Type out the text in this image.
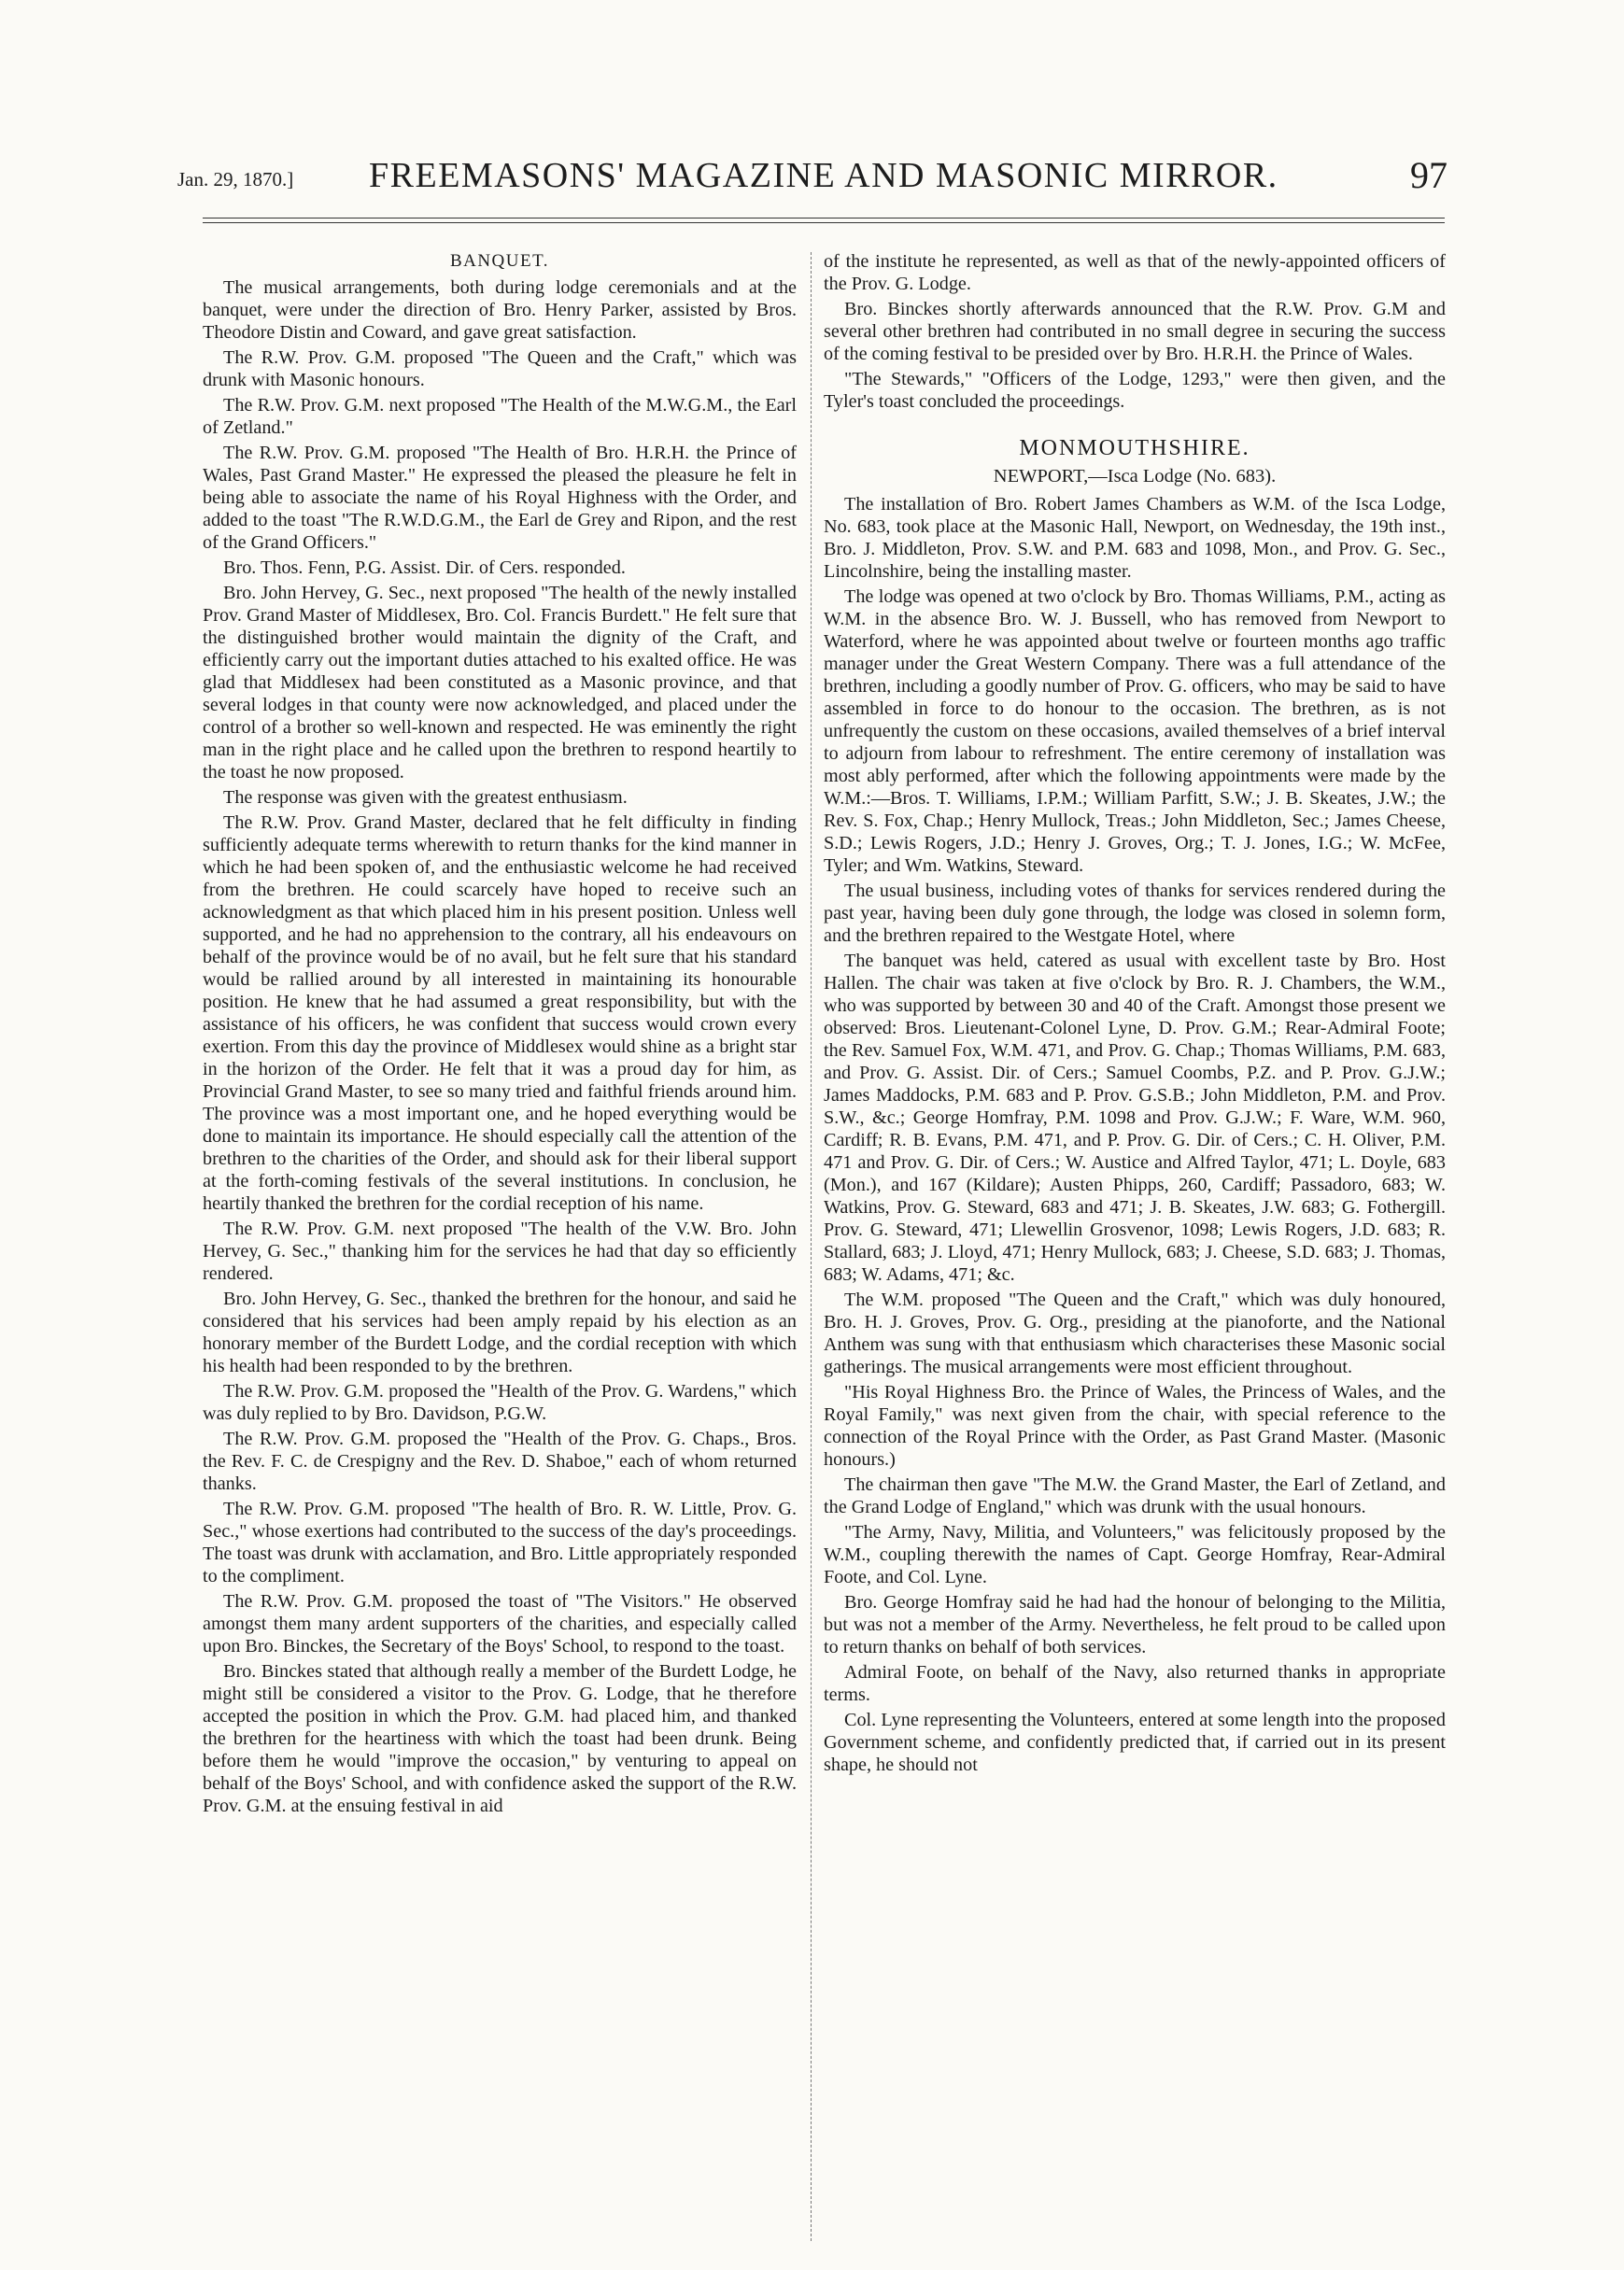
Jan. 29, 1870.] FREEMASONS' MAGAZINE AND MASONIC MIRROR.	97
BANQUET.

The musical arrangements, both during lodge ceremonials and at the banquet, were under the direction of Bro. Henry Parker, assisted by Bros. Theodore Distin and Coward, and gave great satisfaction.

The R.W. Prov. G.M. proposed "The Queen and the Craft," which was drunk with Masonic honours.

The R.W. Prov. G.M. next proposed "The Health of the M.W.G.M., the Earl of Zetland."

The R.W. Prov. G.M. proposed "The Health of Bro. H.R.H. the Prince of Wales, Past Grand Master." He expressed the pleased the pleasure he felt in being able to associate the name of his Royal Highness with the Order, and added to the toast "The R.W.D.G.M., the Earl de Grey and Ripon, and the rest of the Grand Officers."

Bro. Thos. Fenn, P.G. Assist. Dir. of Cers. responded.

Bro. John Hervey, G. Sec., next proposed "The health of the newly installed Prov. Grand Master of Middlesex, Bro. Col. Francis Burdett." He felt sure that the distinguished brother would maintain the dignity of the Craft, and efficiently carry out the important duties attached to his exalted office. He was glad that Middlesex had been constituted as a Masonic province, and that several lodges in that county were now acknowledged, and placed under the control of a brother so well-known and respected. He was eminently the right man in the right place and he called upon the brethren to respond heartily to the toast he now proposed.

The response was given with the greatest enthusiasm.

The R.W. Prov. Grand Master, declared that he felt difficulty in finding sufficiently adequate terms wherewith to return thanks for the kind manner in which he had been spoken of, and the enthusiastic welcome he had received from the brethren. He could scarcely have hoped to receive such an acknowledgment as that which placed him in his present position. Unless well supported, and he had no apprehension to the contrary, all his endeavours on behalf of the province would be of no avail, but he felt sure that his standard would be rallied around by all interested in maintaining its honourable position. He knew that he had assumed a great responsibility, but with the assistance of his officers, he was confident that success would crown every exertion. From this day the province of Middlesex would shine as a bright star in the horizon of the Order. He felt that it was a proud day for him, as Provincial Grand Master, to see so many tried and faithful friends around him. The province was a most important one, and he hoped everything would be done to maintain its importance. He should especially call the attention of the brethren to the charities of the Order, and should ask for their liberal support at the forth-coming festivals of the several institutions. In conclusion, he heartily thanked the brethren for the cordial reception of his name.

The R.W. Prov. G.M. next proposed "The health of the V.W. Bro. John Hervey, G. Sec.," thanking him for the services he had that day so efficiently rendered.

Bro. John Hervey, G. Sec., thanked the brethren for the honour, and said he considered that his services had been amply repaid by his election as an honorary member of the Burdett Lodge, and the cordial reception with which his health had been responded to by the brethren.

The R.W. Prov. G.M. proposed the "Health of the Prov. G. Wardens," which was duly replied to by Bro. Davidson, P.G.W.

The R.W. Prov. G.M. proposed the "Health of the Prov. G. Chaps., Bros. the Rev. F. C. de Crespigny and the Rev. D. Shaboe," each of whom returned thanks.

The R.W. Prov. G.M. proposed "The health of Bro. R. W. Little, Prov. G. Sec.," whose exertions had contributed to the success of the day's proceedings. The toast was drunk with acclamation, and Bro. Little appropriately responded to the compliment.

The R.W. Prov. G.M. proposed the toast of "The Visitors." He observed amongst them many ardent supporters of the charities, and especially called upon Bro. Binckes, the Secretary of the Boys' School, to respond to the toast.

Bro. Binckes stated that although really a member of the Burdett Lodge, he might still be considered a visitor to the Prov. G. Lodge, that he therefore accepted the position in which the Prov. G.M. had placed him, and thanked the brethren for the heartiness with which the toast had been drunk. Being before them he would "improve the occasion," by venturing to appeal on behalf of the Boys' School, and with confidence asked the support of the R.W. Prov. G.M. at the ensuing festival in aid

of the institute he represented, as well as that of the newly-appointed officers of the Prov. G. Lodge.

Bro. Binckes shortly afterwards announced that the R.W. Prov. G.M and several other brethren had contributed in no small degree in securing the success of the coming festival to be presided over by Bro. H.R.H. the Prince of Wales.

"The Stewards," "Officers of the Lodge, 1293," were then given, and the Tyler's toast concluded the proceedings.

MONMOUTHSHIRE.
NEWPORT,—Isca Lodge (No. 683).

The installation of Bro. Robert James Chambers as W.M. of the Isca Lodge, No. 683, took place at the Masonic Hall, Newport, on Wednesday, the 19th inst., Bro. J. Middleton, Prov. S.W. and P.M. 683 and 1098, Mon., and Prov. G. Sec., Lincolnshire, being the installing master.

The lodge was opened at two o'clock by Bro. Thomas Williams, P.M., acting as W.M. in the absence Bro. W. J. Bussell, who has removed from Newport to Waterford, where he was appointed about twelve or fourteen months ago traffic manager under the Great Western Company. There was a full attendance of the brethren, including a goodly number of Prov. G. officers, who may be said to have assembled in force to do honour to the occasion. The brethren, as is not unfrequently the custom on these occasions, availed themselves of a brief interval to adjourn from labour to refreshment. The entire ceremony of installation was most ably performed, after which the following appointments were made by the W.M.:—Bros. T. Williams, I.P.M.; William Parfitt, S.W.; J. B. Skeates, J.W.; the Rev. S. Fox, Chap.; Henry Mullock, Treas.; John Middleton, Sec.; James Cheese, S.D.; Lewis Rogers, J.D.; Henry J. Groves, Org.; T. J. Jones, I.G.; W. McFee, Tyler; and Wm. Watkins, Steward.

The usual business, including votes of thanks for services rendered during the past year, having been duly gone through, the lodge was closed in solemn form, and the brethren repaired to the Westgate Hotel, where

The banquet was held, catered as usual with excellent taste by Bro. Host Hallen. The chair was taken at five o'clock by Bro. R. J. Chambers, the W.M., who was supported by between 30 and 40 of the Craft. Amongst those present we observed: Bros. Lieutenant-Colonel Lyne, D. Prov. G.M.; Rear-Admiral Foote; the Rev. Samuel Fox, W.M. 471, and Prov. G. Chap.; Thomas Williams, P.M. 683, and Prov. G. Assist. Dir. of Cers.; Samuel Coombs, P.Z. and P. Prov. G.J.W.; James Maddocks, P.M. 683 and P. Prov. G.S.B.; John Middleton, P.M. and Prov. S.W., &c.; George Homfray, P.M. 1098 and Prov. G.J.W.; F. Ware, W.M. 960, Cardiff; R. B. Evans, P.M. 471, and P. Prov. G. Dir. of Cers.; C. H. Oliver, P.M. 471 and Prov. G. Dir. of Cers.; W. Austice and Alfred Taylor, 471; L. Doyle, 683 (Mon.), and 167 (Kildare); Austen Phipps, 260, Cardiff; Passadoro, 683; W. Watkins, Prov. G. Steward, 683 and 471; J. B. Skeates, J.W. 683; G. Fothergill. Prov. G. Steward, 471; Llewellin Grosvenor, 1098; Lewis Rogers, J.D. 683; R. Stallard, 683; J. Lloyd, 471; Henry Mullock, 683; J. Cheese, S.D. 683; J. Thomas, 683; W. Adams, 471; &c.

The W.M. proposed "The Queen and the Craft," which was duly honoured, Bro. H. J. Groves, Prov. G. Org., presiding at the pianoforte, and the National Anthem was sung with that enthusiasm which characterises these Masonic social gatherings. The musical arrangements were most efficient throughout.

"His Royal Highness Bro. the Prince of Wales, the Princess of Wales, and the Royal Family," was next given from the chair, with special reference to the connection of the Royal Prince with the Order, as Past Grand Master. (Masonic honours.)

The chairman then gave "The M.W. the Grand Master, the Earl of Zetland, and the Grand Lodge of England," which was drunk with the usual honours.

"The Army, Navy, Militia, and Volunteers," was felicitously proposed by the W.M., coupling therewith the names of Capt. George Homfray, Rear-Admiral Foote, and Col. Lyne.

Bro. George Homfray said he had had the honour of belonging to the Militia, but was not a member of the Army. Nevertheless, he felt proud to be called upon to return thanks on behalf of both services.

Admiral Foote, on behalf of the Navy, also returned thanks in appropriate terms.

Col. Lyne representing the Volunteers, entered at some length into the proposed Government scheme, and confidently predicted that, if carried out in its present shape, he should not
